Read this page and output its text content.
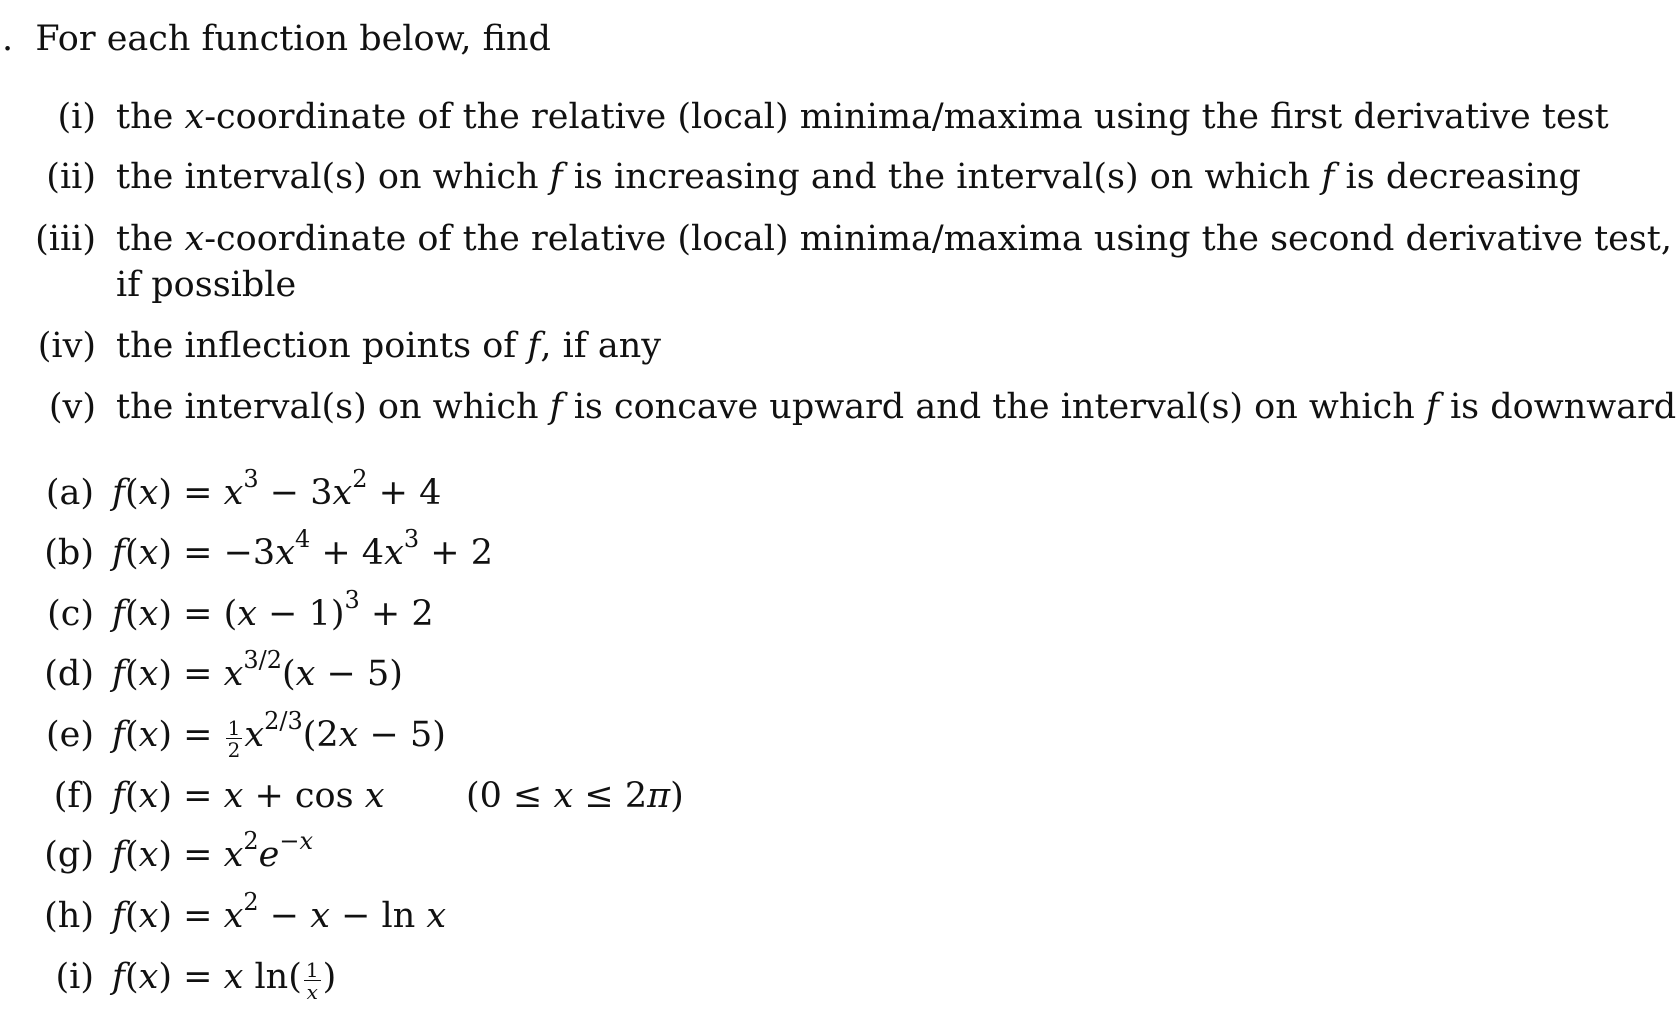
. For each function below, find
(i) the x-coordinate of the relative (local) minima/maxima using the first derivative test
(ii) the interval(s) on which f is increasing and the interval(s) on which f is decreasing
(iii) the x-coordinate of the relative (local) minima/maxima using the second derivative test,
if possible
(iv) the inflection points of f, if any
(v) the interval(s) on which f is concave upward and the interval(s) on which f is downward
(a) $f(x) = x^3 - 3x^2 + 4$
(b) $f(x) = -3x^4 + 4x^3 + 2$
(c) $f(x) = (x - 1)^3 + 2$
(d) $f(x) = x^{3/2}(x - 5)$
(e) $f(x) = \frac{1}{2} x^{2/3}(2x - 5)$
(f) f(x) = x + cos x (0 ≤ x ≤ 2π)
(g) $f(x) = x^2e^{-x}$
(h) $f(x) = x^2 - x - \ln x$
(i) f(x) = x $\ln( \frac{1}{x}$ )
